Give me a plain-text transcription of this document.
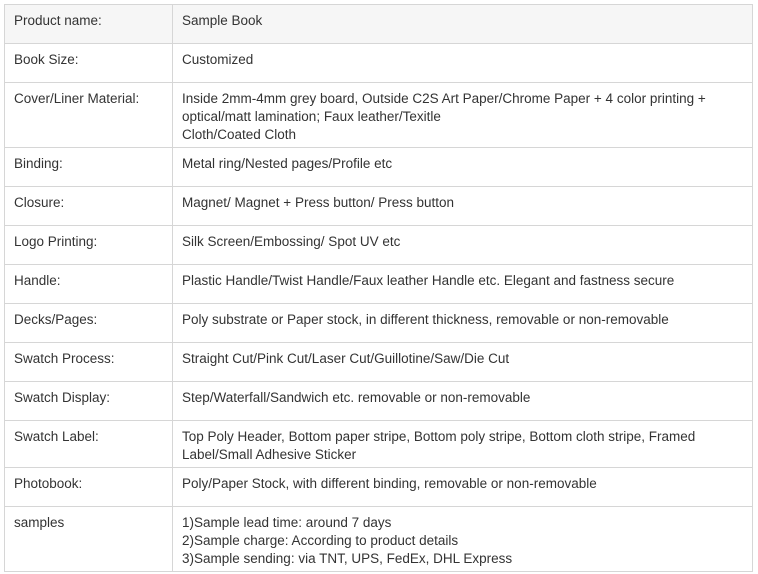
Product name:	Sample Book

Book Size:	Customized

Cover/Liner Material:	Inside 2mm-4mm grey board, Outside C2S Art Paper/Chrome Paper + 4 color printing +
optical/matt lamination; Faux leather/Texitle
Cloth/Coated Cloth

Binding:	Metal ring/Nested pages/Profile etc

Closure:	Magnet/ Magnet + Press button/ Press button

Logo Printing:	Silk Screen/Embossing/ Spot UV etc

Handle:	Plastic Handle/Twist Handle/Faux leather Handle etc. Elegant and fastness secure

Decks/Pages:	Poly substrate or Paper stock, in different thickness, removable or non-removable

Swatch Process:	Straight Cut/Pink Cut/Laser Cut/Guillotine/Saw/Die Cut

Swatch Display:	Step/Waterfall/Sandwich etc. removable or non-removable

Swatch Label:	Top Poly Header, Bottom paper stripe, Bottom poly stripe, Bottom cloth stripe, Framed
Label/Small Adhesive Sticker

Photobook:	Poly/Paper Stock, with different binding, removable or non-removable

samples	1)Sample lead time: around 7 days
2)Sample charge: According to product details
3)Sample sending: via TNT, UPS, FedEx, DHL Express
